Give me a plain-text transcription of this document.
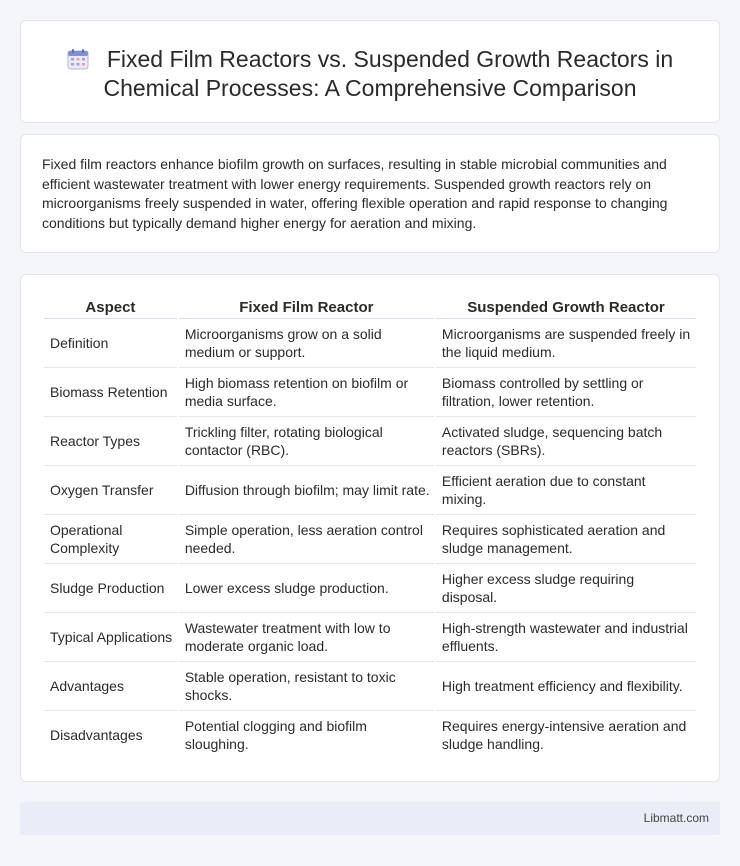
Fixed Film Reactors vs. Suspended Growth Reactors in Chemical Processes: A Comprehensive Comparison

Fixed film reactors enhance biofilm growth on surfaces, resulting in stable microbial communities and efficient wastewater treatment with lower energy requirements. Suspended growth reactors rely on microorganisms freely suspended in water, offering flexible operation and rapid response to changing conditions but typically demand higher energy for aeration and mixing.

Aspect	Fixed Film Reactor	Suspended Growth Reactor
Definition	Microorganisms grow on a solid medium or support.	Microorganisms are suspended freely in the liquid medium.
Biomass Retention	High biomass retention on biofilm or media surface.	Biomass controlled by settling or filtration, lower retention.
Reactor Types	Trickling filter, rotating biological contactor (RBC).	Activated sludge, sequencing batch reactors (SBRs).
Oxygen Transfer	Diffusion through biofilm; may limit rate.	Efficient aeration due to constant mixing.
Operational Complexity	Simple operation, less aeration control needed.	Requires sophisticated aeration and sludge management.
Sludge Production	Lower excess sludge production.	Higher excess sludge requiring disposal.
Typical Applications	Wastewater treatment with low to moderate organic load.	High-strength wastewater and industrial effluents.
Advantages	Stable operation, resistant to toxic shocks.	High treatment efficiency and flexibility.
Disadvantages	Potential clogging and biofilm sloughing.	Requires energy-intensive aeration and sludge handling.
Libmatt.com
